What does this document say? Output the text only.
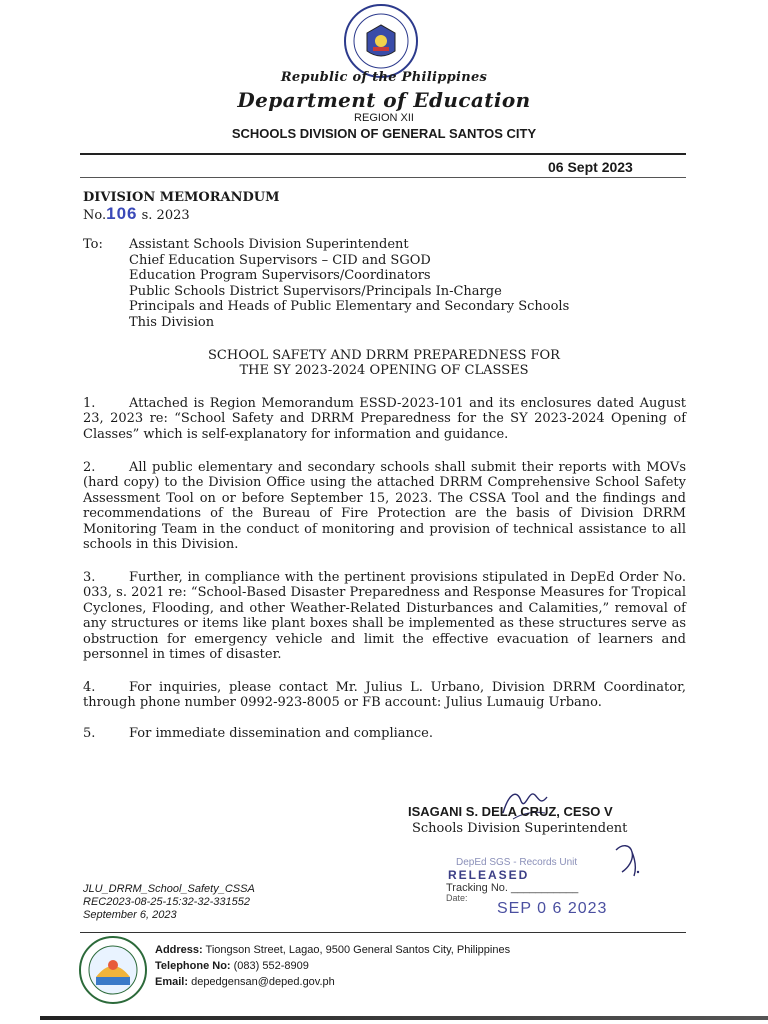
Republic of the Philippines
Department of Education
REGION XII
SCHOOLS DIVISION OF GENERAL SANTOS CITY
06 Sept 2023
DIVISION MEMORANDUM
No.106 s. 2023
To: Assistant Schools Division Superintendent
Chief Education Supervisors – CID and SGOD
Education Program Supervisors/Coordinators
Public Schools District Supervisors/Principals In-Charge
Principals and Heads of Public Elementary and Secondary Schools
This Division
SCHOOL SAFETY AND DRRM PREPAREDNESS FOR
THE SY 2023-2024 OPENING OF CLASSES
1.	Attached is Region Memorandum ESSD-2023-101 and its enclosures dated August 23, 2023 re: “School Safety and DRRM Preparedness for the SY 2023-2024 Opening of Classes” which is self-explanatory for information and guidance.
2.	All public elementary and secondary schools shall submit their reports with MOVs (hard copy) to the Division Office using the attached DRRM Comprehensive School Safety Assessment Tool on or before September 15, 2023. The CSSA Tool and the findings and recommendations of the Bureau of Fire Protection are the basis of Division DRRM Monitoring Team in the conduct of monitoring and provision of technical assistance to all schools in this Division.
3.	Further, in compliance with the pertinent provisions stipulated in DepEd Order No. 033, s. 2021 re: “School-Based Disaster Preparedness and Response Measures for Tropical Cyclones, Flooding, and other Weather-Related Disturbances and Calamities,” removal of any structures or items like plant boxes shall be implemented as these structures serve as obstruction for emergency vehicle and limit the effective evacuation of learners and personnel in times of disaster.
4.	For inquiries, please contact Mr. Julius L. Urbano, Division DRRM Coordinator, through phone number 0992-923-8005 or FB account: Julius Lumauig Urbano.
5.	For immediate dissemination and compliance.
ISAGANI S. DELA CRUZ, CESO V
Schools Division Superintendent
DepEd SGS - Records Unit
RELEASED
Tracking No. ___________
Date:
SEP 0 6 2023
JLU_DRRM_School_Safety_CSSA
REC2023-08-25-15:32-32-331552
September 6, 2023
Address: Tiongson Street, Lagao, 9500 General Santos City, Philippines
Telephone No: (083) 552-8909
Email: depedgensan@deped.gov.ph
